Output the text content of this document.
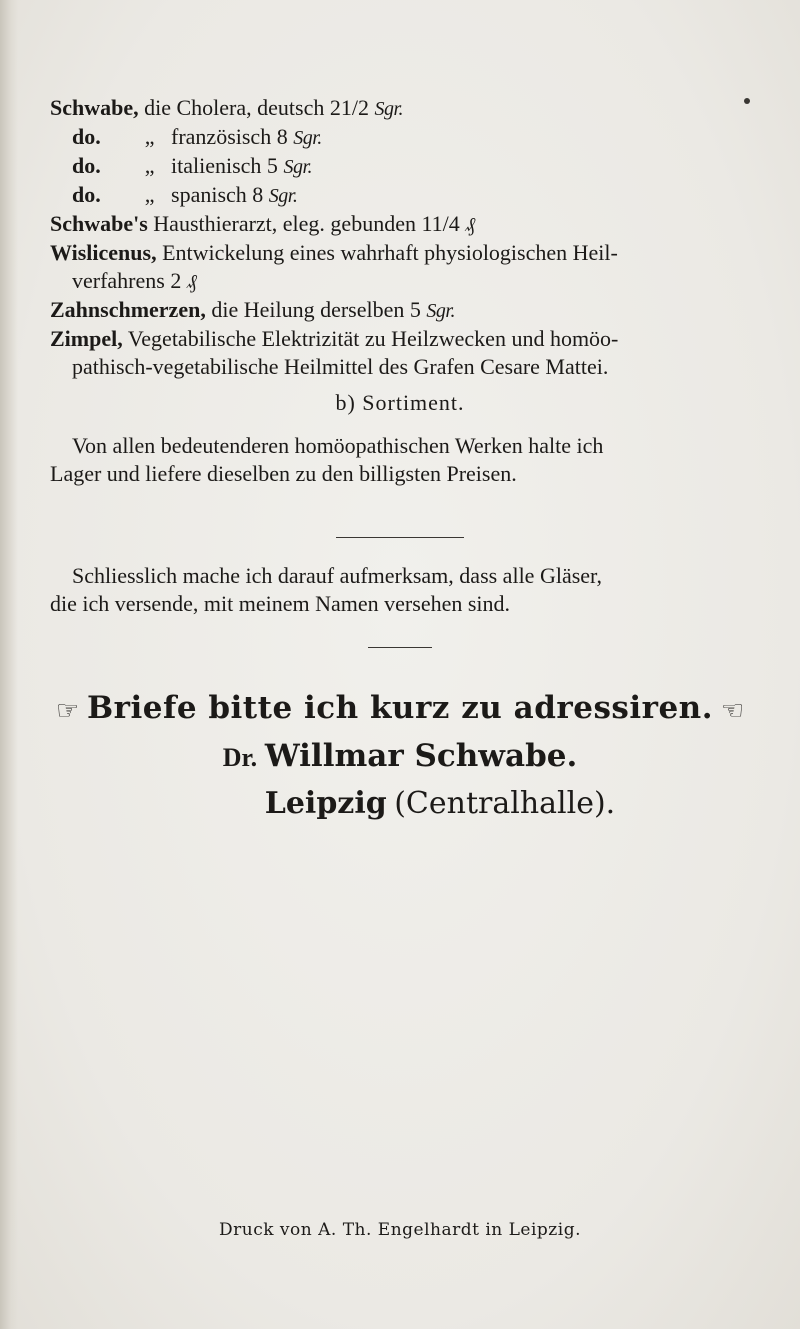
Schwabe, die Cholera, deutsch 21/2 Sgr.
do.        „   französisch 8 Sgr.
do.        „   italienisch 5 Sgr.
do.        „   spanisch 8 Sgr.
Schwabe's Hausthierarzt, eleg. gebunden 11/4 ₰
Wislicenus, Entwickelung eines wahrhaft physiologischen Heil-
verfahrens 2 ₰
Zahnschmerzen, die Heilung derselben 5 Sgr.
Zimpel, Vegetabilische Elektrizität zu Heilzwecken und homöo-
pathisch-vegetabilische Heilmittel des Grafen Cesare Mattei.
b) Sortiment.
Von allen bedeutenderen homöopathischen Werken halte ich
Lager und liefere dieselben zu den billigsten Preisen.
Schliesslich mache ich darauf aufmerksam, dass alle Gläser,
die ich versende, mit meinem Namen versehen sind.
☞ Briefe bitte ich kurz zu adressiren. ☜
Dr. Willmar Schwabe.
Leipzig (Centralhalle).
Druck von A. Th. Engelhardt in Leipzig.
